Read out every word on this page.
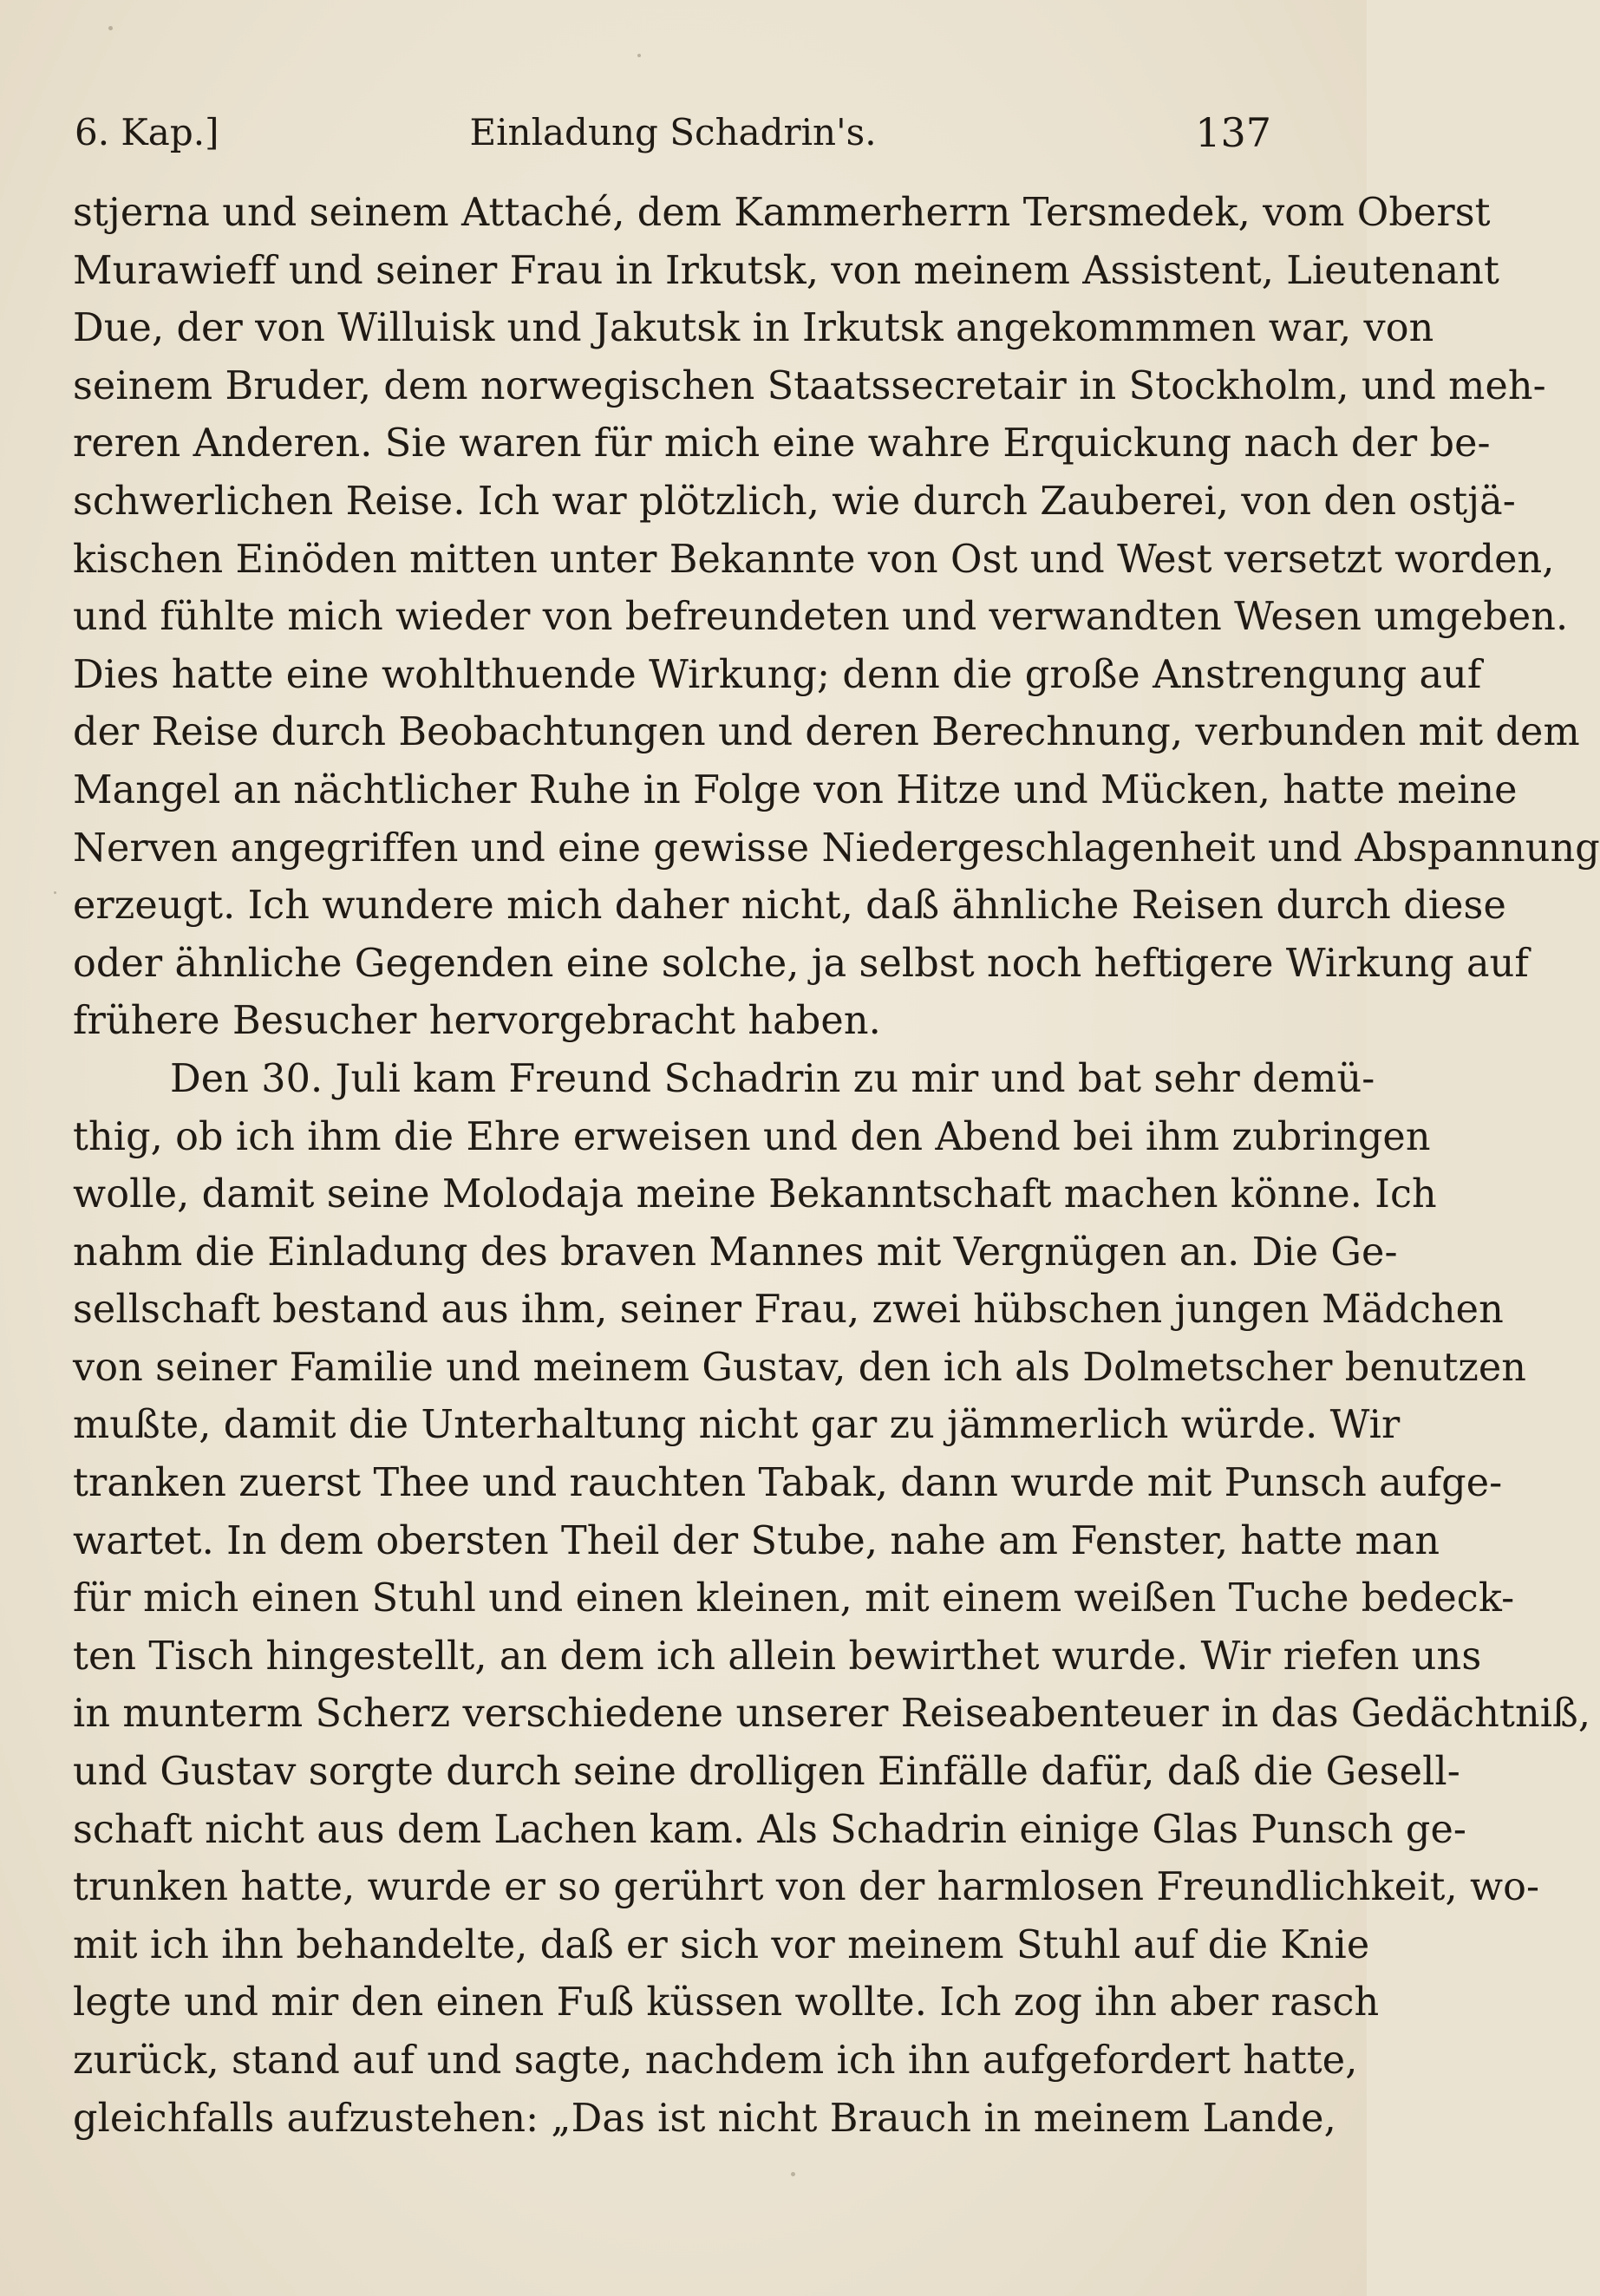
6. Kap.]	Einladung Schadrin's.	137
stjerna und seinem Attaché, dem Kammerherrn Tersmedek, vom Oberst
Murawieff und seiner Frau in Irkutsk, von meinem Assistent, Lieutenant
Due, der von Willuisk und Jakutsk in Irkutsk angekommmen war, von
seinem Bruder, dem norwegischen Staatssecretair in Stockholm, und meh-
reren Anderen. Sie waren für mich eine wahre Erquickung nach der be-
schwerlichen Reise. Ich war plötzlich, wie durch Zauberei, von den ostjä-
kischen Einöden mitten unter Bekannte von Ost und West versetzt worden,
und fühlte mich wieder von befreundeten und verwandten Wesen umgeben.
Dies hatte eine wohlthuende Wirkung; denn die große Anstrengung auf
der Reise durch Beobachtungen und deren Berechnung, verbunden mit dem
Mangel an nächtlicher Ruhe in Folge von Hitze und Mücken, hatte meine
Nerven angegriffen und eine gewisse Niedergeschlagenheit und Abspannung
erzeugt. Ich wundere mich daher nicht, daß ähnliche Reisen durch diese
oder ähnliche Gegenden eine solche, ja selbst noch heftigere Wirkung auf
frühere Besucher hervorgebracht haben.
Den 30. Juli kam Freund Schadrin zu mir und bat sehr demü-
thig, ob ich ihm die Ehre erweisen und den Abend bei ihm zubringen
wolle, damit seine Molodaja meine Bekanntschaft machen könne. Ich
nahm die Einladung des braven Mannes mit Vergnügen an. Die Ge-
sellschaft bestand aus ihm, seiner Frau, zwei hübschen jungen Mädchen
von seiner Familie und meinem Gustav, den ich als Dolmetscher benutzen
mußte, damit die Unterhaltung nicht gar zu jämmerlich würde. Wir
tranken zuerst Thee und rauchten Tabak, dann wurde mit Punsch aufge-
wartet. In dem obersten Theil der Stube, nahe am Fenster, hatte man
für mich einen Stuhl und einen kleinen, mit einem weißen Tuche bedeck-
ten Tisch hingestellt, an dem ich allein bewirthet wurde. Wir riefen uns
in munterm Scherz verschiedene unserer Reiseabenteuer in das Gedächtniß,
und Gustav sorgte durch seine drolligen Einfälle dafür, daß die Gesell-
schaft nicht aus dem Lachen kam. Als Schadrin einige Glas Punsch ge-
trunken hatte, wurde er so gerührt von der harmlosen Freundlichkeit, wo-
mit ich ihn behandelte, daß er sich vor meinem Stuhl auf die Knie
legte und mir den einen Fuß küssen wollte. Ich zog ihn aber rasch
zurück, stand auf und sagte, nachdem ich ihn aufgefordert hatte,
gleichfalls aufzustehen: „Das ist nicht Brauch in meinem Lande,
